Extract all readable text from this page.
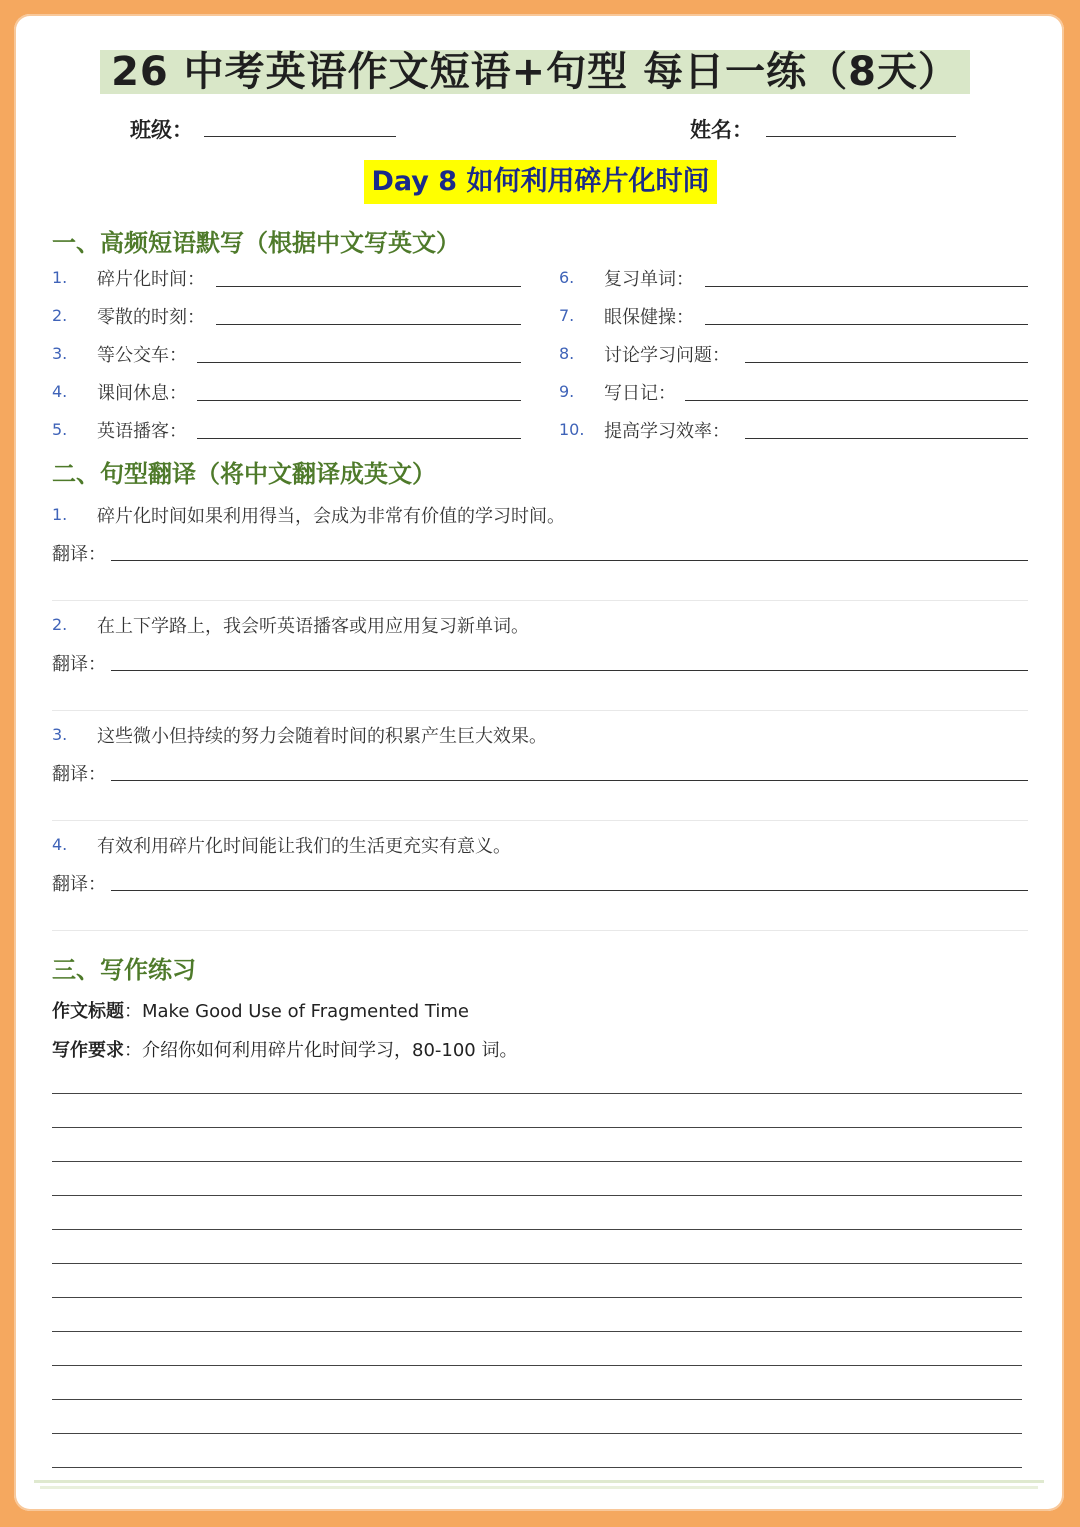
26 中考英语作文短语+句型 每日一练（8天）
班级：	姓名：
Day 8 如何利用碎片化时间
一、高频短语默写（根据中文写英文）
1. 碎片化时间：
2. 零散的时刻：
3. 等公交车：
4. 课间休息：
5. 英语播客：
6. 复习单词：
7. 眼保健操：
8. 讨论学习问题：
9. 写日记：
10. 提高学习效率：
二、句型翻译（将中文翻译成英文）
1. 碎片化时间如果利用得当，会成为非常有价值的学习时间。
翻译：
2. 在上下学路上，我会听英语播客或用应用复习新单词。
翻译：
3. 这些微小但持续的努力会随着时间的积累产生巨大效果。
翻译：
4. 有效利用碎片化时间能让我们的生活更充实有意义。
翻译：
三、写作练习
作文标题：Make Good Use of Fragmented Time
写作要求：介绍你如何利用碎片化时间学习，80-100 词。
